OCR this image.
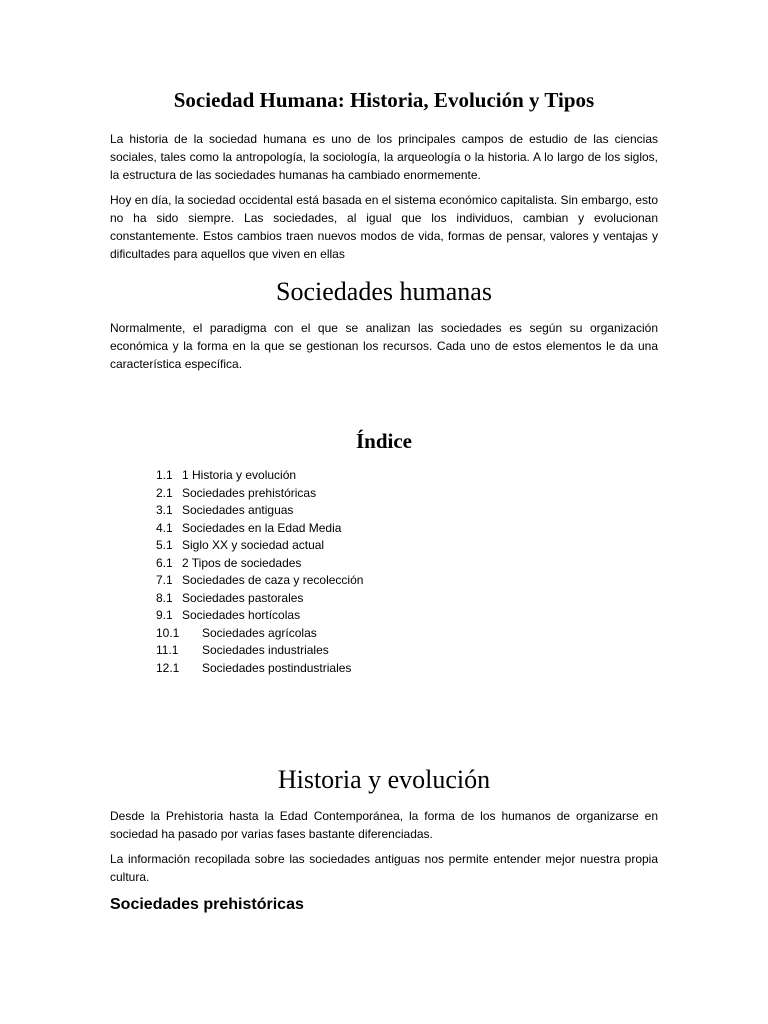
Sociedad Humana: Historia, Evolución y Tipos

La historia de la sociedad humana es uno de los principales campos de estudio de las ciencias sociales, tales como la antropología, la sociología, la arqueología o la historia. A lo largo de los siglos, la estructura de las sociedades humanas ha cambiado enormemente.

Hoy en día, la sociedad occidental está basada en el sistema económico capitalista. Sin embargo, esto no ha sido siempre. Las sociedades, al igual que los individuos, cambian y evolucionan constantemente. Estos cambios traen nuevos modos de vida, formas de pensar, valores y ventajas y dificultades para aquellos que viven en ellas

Sociedades humanas

Normalmente, el paradigma con el que se analizan las sociedades es según su organización económica y la forma en la que se gestionan los recursos. Cada uno de estos elementos le da una característica específica.

Índice
1.1 1 Historia y evolución
2.1 Sociedades prehistóricas
3.1 Sociedades antiguas
4.1 Sociedades en la Edad Media
5.1 Siglo XX y sociedad actual
6.1 2 Tipos de sociedades
7.1 Sociedades de caza y recolección
8.1 Sociedades pastorales
9.1 Sociedades hortícolas
10.1	Sociedades agrícolas
11.1	Sociedades industriales
12.1	Sociedades postindustriales
Historia y evolución

Desde la Prehistoria hasta la Edad Contemporánea, la forma de los humanos de organizarse en sociedad ha pasado por varias fases bastante diferenciadas.

La información recopilada sobre las sociedades antiguas nos permite entender mejor nuestra propia cultura.

Sociedades prehistóricas
